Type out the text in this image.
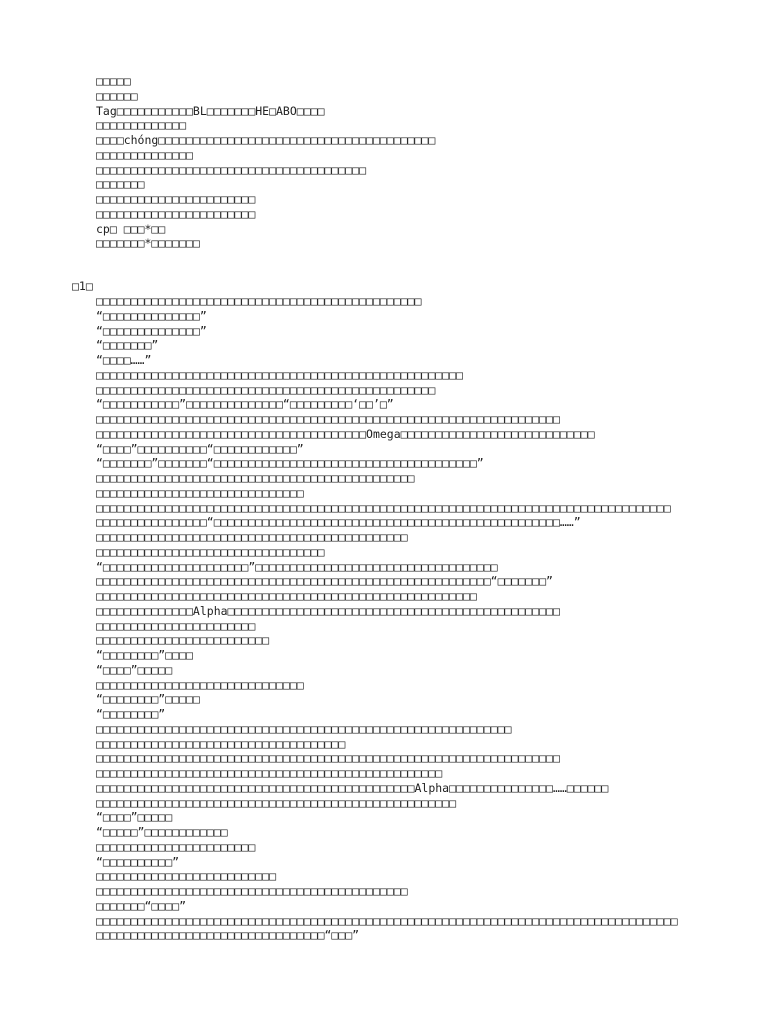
□□□□□
□□□□□□
Tag□□□□□□□□□□□BL□□□□□□□HE□ABO□□□□
□□□□□□□□□□□□□
□□□□chóng□□□□□□□□□□□□□□□□□□□□□□□□□□□□□□□□□□□□□□□□
□□□□□□□□□□□□□□
□□□□□□□□□□□□□□□□□□□□□□□□□□□□□□□□□□□□□□□
□□□□□□□
□□□□□□□□□□□□□□□□□□□□□□□
□□□□□□□□□□□□□□□□□□□□□□□
cp□ □□□*□□
□□□□□□□*□□□□□□□
□1□
□□□□□□□□□□□□□□□□□□□□□□□□□□□□□□□□□□□□□□□□□□□□□□□
“□□□□□□□□□□□□□□”
“□□□□□□□□□□□□□□”
“□□□□□□□”
“□□□□……”
□□□□□□□□□□□□□□□□□□□□□□□□□□□□□□□□□□□□□□□□□□□□□□□□□□□□□
□□□□□□□□□□□□□□□□□□□□□□□□□□□□□□□□□□□□□□□□□□□□□□□□□
“□□□□□□□□□□□”□□□□□□□□□□□□□□“□□□□□□□□□‘□□’□”
□□□□□□□□□□□□□□□□□□□□□□□□□□□□□□□□□□□□□□□□□□□□□□□□□□□□□□□□□□□□□□□□□□□
□□□□□□□□□□□□□□□□□□□□□□□□□□□□□□□□□□□□□□□Omega□□□□□□□□□□□□□□□□□□□□□□□□□□□□
“□□□□”□□□□□□□□□□“□□□□□□□□□□□□”
“□□□□□□□”□□□□□□□“□□□□□□□□□□□□□□□□□□□□□□□□□□□□□□□□□□□□□□”
□□□□□□□□□□□□□□□□□□□□□□□□□□□□□□□□□□□□□□□□□□□□□□
□□□□□□□□□□□□□□□□□□□□□□□□□□□□□□
□□□□□□□□□□□□□□□□□□□□□□□□□□□□□□□□□□□□□□□□□□□□□□□□□□□□□□□□□□□□□□□□□□□□□□□□□□□□□□□□□□□
□□□□□□□□□□□□□□□□“□□□□□□□□□□□□□□□□□□□□□□□□□□□□□□□□□□□□□□□□□□□□□□□□□□……”
□□□□□□□□□□□□□□□□□□□□□□□□□□□□□□□□□□□□□□□□□□□□□
□□□□□□□□□□□□□□□□□□□□□□□□□□□□□□□□□
“□□□□□□□□□□□□□□□□□□□□□”□□□□□□□□□□□□□□□□□□□□□□□□□□□□□□□□□□□
□□□□□□□□□□□□□□□□□□□□□□□□□□□□□□□□□□□□□□□□□□□□□□□□□□□□□□□□□“□□□□□□□”
□□□□□□□□□□□□□□□□□□□□□□□□□□□□□□□□□□□□□□□□□□□□□□□□□□□□□□□
□□□□□□□□□□□□□□Alpha□□□□□□□□□□□□□□□□□□□□□□□□□□□□□□□□□□□□□□□□□□□□□□□□
□□□□□□□□□□□□□□□□□□□□□□□
□□□□□□□□□□□□□□□□□□□□□□□□□
“□□□□□□□□”□□□□
“□□□□”□□□□□
□□□□□□□□□□□□□□□□□□□□□□□□□□□□□□
“□□□□□□□□”□□□□□
“□□□□□□□□”
□□□□□□□□□□□□□□□□□□□□□□□□□□□□□□□□□□□□□□□□□□□□□□□□□□□□□□□□□□□□
□□□□□□□□□□□□□□□□□□□□□□□□□□□□□□□□□□□□
□□□□□□□□□□□□□□□□□□□□□□□□□□□□□□□□□□□□□□□□□□□□□□□□□□□□□□□□□□□□□□□□□□□
□□□□□□□□□□□□□□□□□□□□□□□□□□□□□□□□□□□□□□□□□□□□□□□□□□
□□□□□□□□□□□□□□□□□□□□□□□□□□□□□□□□□□□□□□□□□□□□□□Alpha□□□□□□□□□□□□□□□……□□□□□□
□□□□□□□□□□□□□□□□□□□□□□□□□□□□□□□□□□□□□□□□□□□□□□□□□□□□
“□□□□”□□□□□
“□□□□□”□□□□□□□□□□□□
□□□□□□□□□□□□□□□□□□□□□□□
“□□□□□□□□□□”
□□□□□□□□□□□□□□□□□□□□□□□□□□
□□□□□□□□□□□□□□□□□□□□□□□□□□□□□□□□□□□□□□□□□□□□□
□□□□□□□“□□□□”
□□□□□□□□□□□□□□□□□□□□□□□□□□□□□□□□□□□□□□□□□□□□□□□□□□□□□□□□□□□□□□□□□□□□□□□□□□□□□□□□□□□□
□□□□□□□□□□□□□□□□□□□□□□□□□□□□□□□□□“□□□”
